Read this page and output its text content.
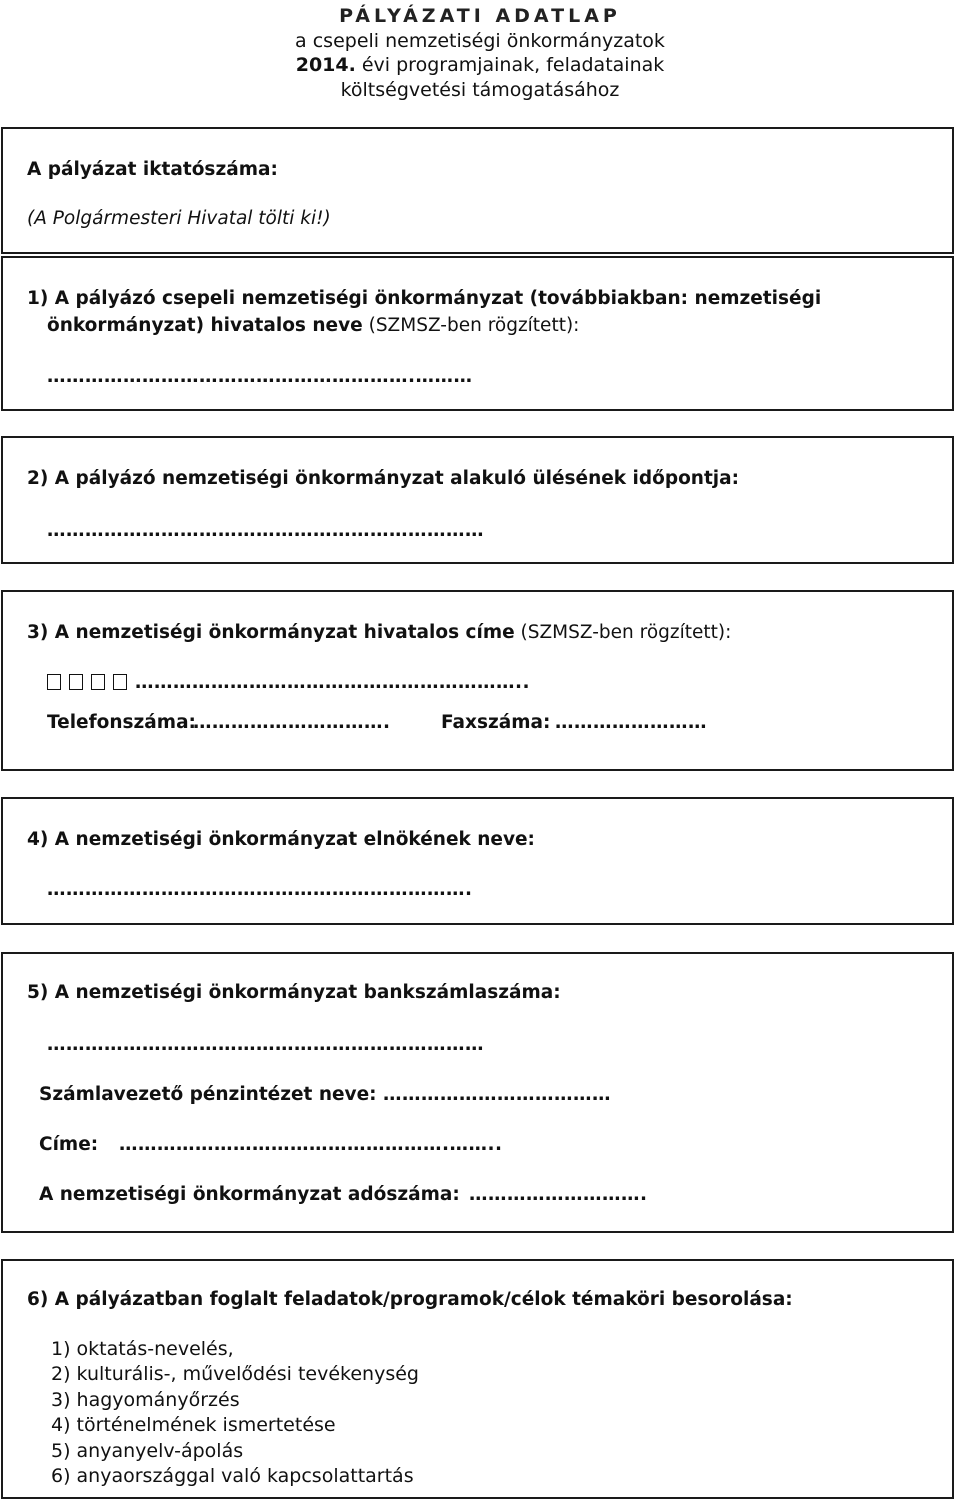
PÁLYÁZATI ADATLAP
a csepeli nemzetiségi önkormányzatok
2014. évi programjainak, feladatainak
költségvetési támogatásához
A pályázat iktatószáma:
(A Polgármesteri Hivatal tölti ki!)
1) A pályázó csepeli nemzetiségi önkormányzat (továbbiakban: nemzetiségi
önkormányzat) hivatalos neve (SZMSZ-ben rögzített):
………………………………………………….………
2) A pályázó nemzetiségi önkormányzat alakuló ülésének időpontja:
……………………………………………………………
3) A nemzetiségi önkormányzat hivatalos címe (SZMSZ-ben rögzített):
……………………………………………………..
Telefonszáma:
………………………….	Faxszáma: ……………………
4) A nemzetiségi önkormányzat elnökének neve:
………………………………………………………….
5) A nemzetiségi önkormányzat bankszámlaszáma:
……………………………………………………………
Számlavezető pénzintézet neve: ………………………………
Címe: …………………………………………….……..
A nemzetiségi önkormányzat adószáma: ……………………….
6) A pályázatban foglalt feladatok/programok/célok témaköri besorolása:
1) oktatás-nevelés,
2) kulturális-, művelődési tevékenység
3) hagyományőrzés
4) történelmének ismertetése
5) anyanyelv-ápolás
6) anyaországgal való kapcsolattartás
